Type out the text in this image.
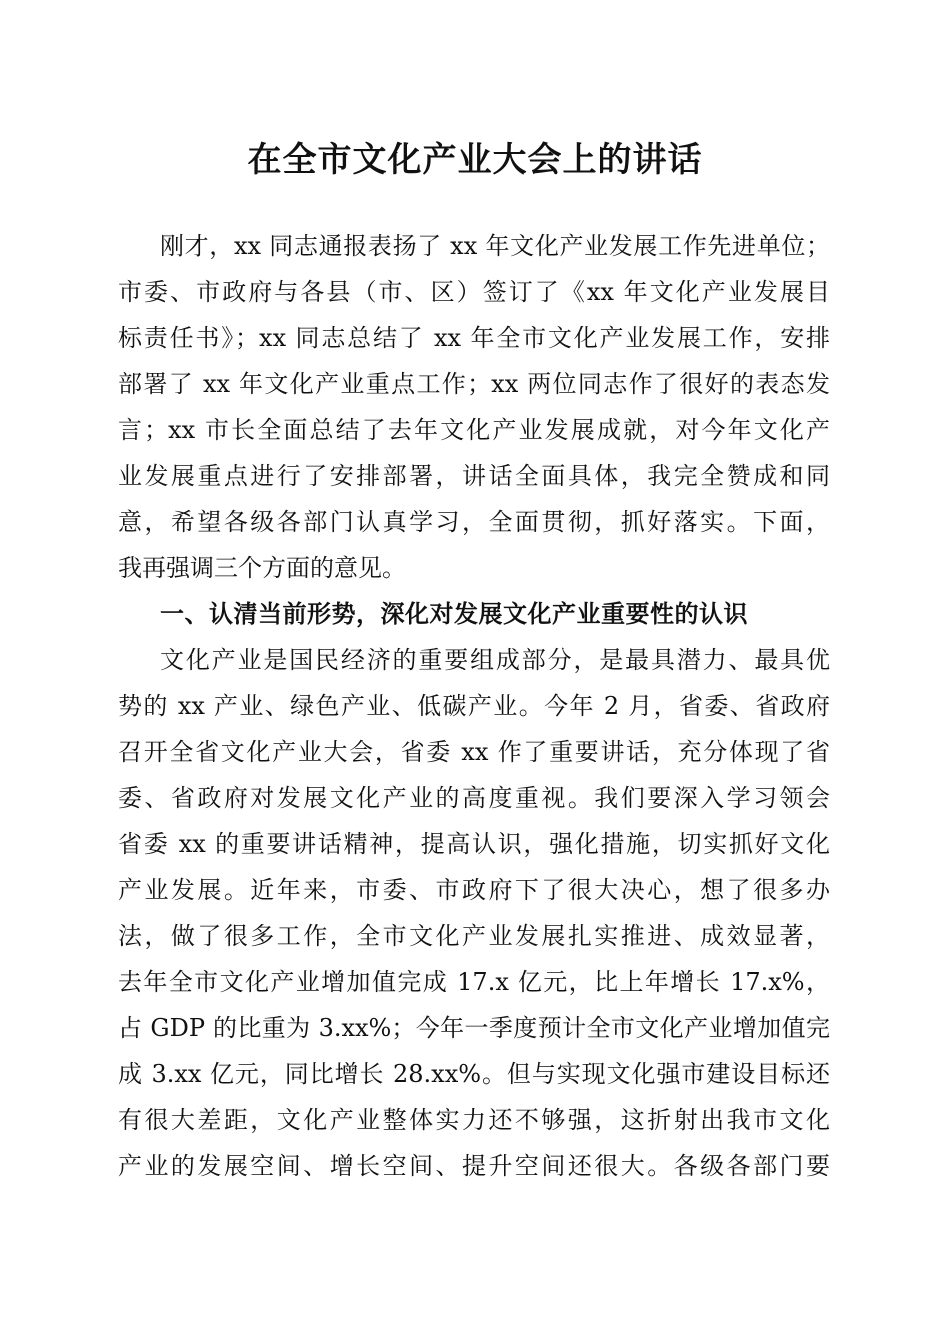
在全市文化产业大会上的讲话

刚才，xx 同志通报表扬了 xx 年文化产业发展工作先进单位；

市委、市政府与各县（市、区）签订了《xx 年文化产业发展目

标责任书》；xx 同志总结了 xx 年全市文化产业发展工作，安排

部署了 xx 年文化产业重点工作；xx 两位同志作了很好的表态发

言；xx 市长全面总结了去年文化产业发展成就，对今年文化产

业发展重点进行了安排部署，讲话全面具体，我完全赞成和同

意，希望各级各部门认真学习，全面贯彻，抓好落实。下面，

我再强调三个方面的意见。

一、认清当前形势，深化对发展文化产业重要性的认识

文化产业是国民经济的重要组成部分，是最具潜力、最具优

势的 xx 产业、绿色产业、低碳产业。今年 2 月，省委、省政府

召开全省文化产业大会，省委 xx 作了重要讲话，充分体现了省

委、省政府对发展文化产业的高度重视。我们要深入学习领会

省委 xx 的重要讲话精神，提高认识，强化措施，切实抓好文化

产业发展。近年来，市委、市政府下了很大决心，想了很多办

法，做了很多工作，全市文化产业发展扎实推进、成效显著，

去年全市文化产业增加值完成 17.x 亿元，比上年增长 17.x%，

占 GDP 的比重为 3.xx%；今年一季度预计全市文化产业增加值完

成 3.xx 亿元，同比增长 28.xx%。但与实现文化强市建设目标还

有很大差距，文化产业整体实力还不够强，这折射出我市文化

产业的发展空间、增长空间、提升空间还很大。各级各部门要
